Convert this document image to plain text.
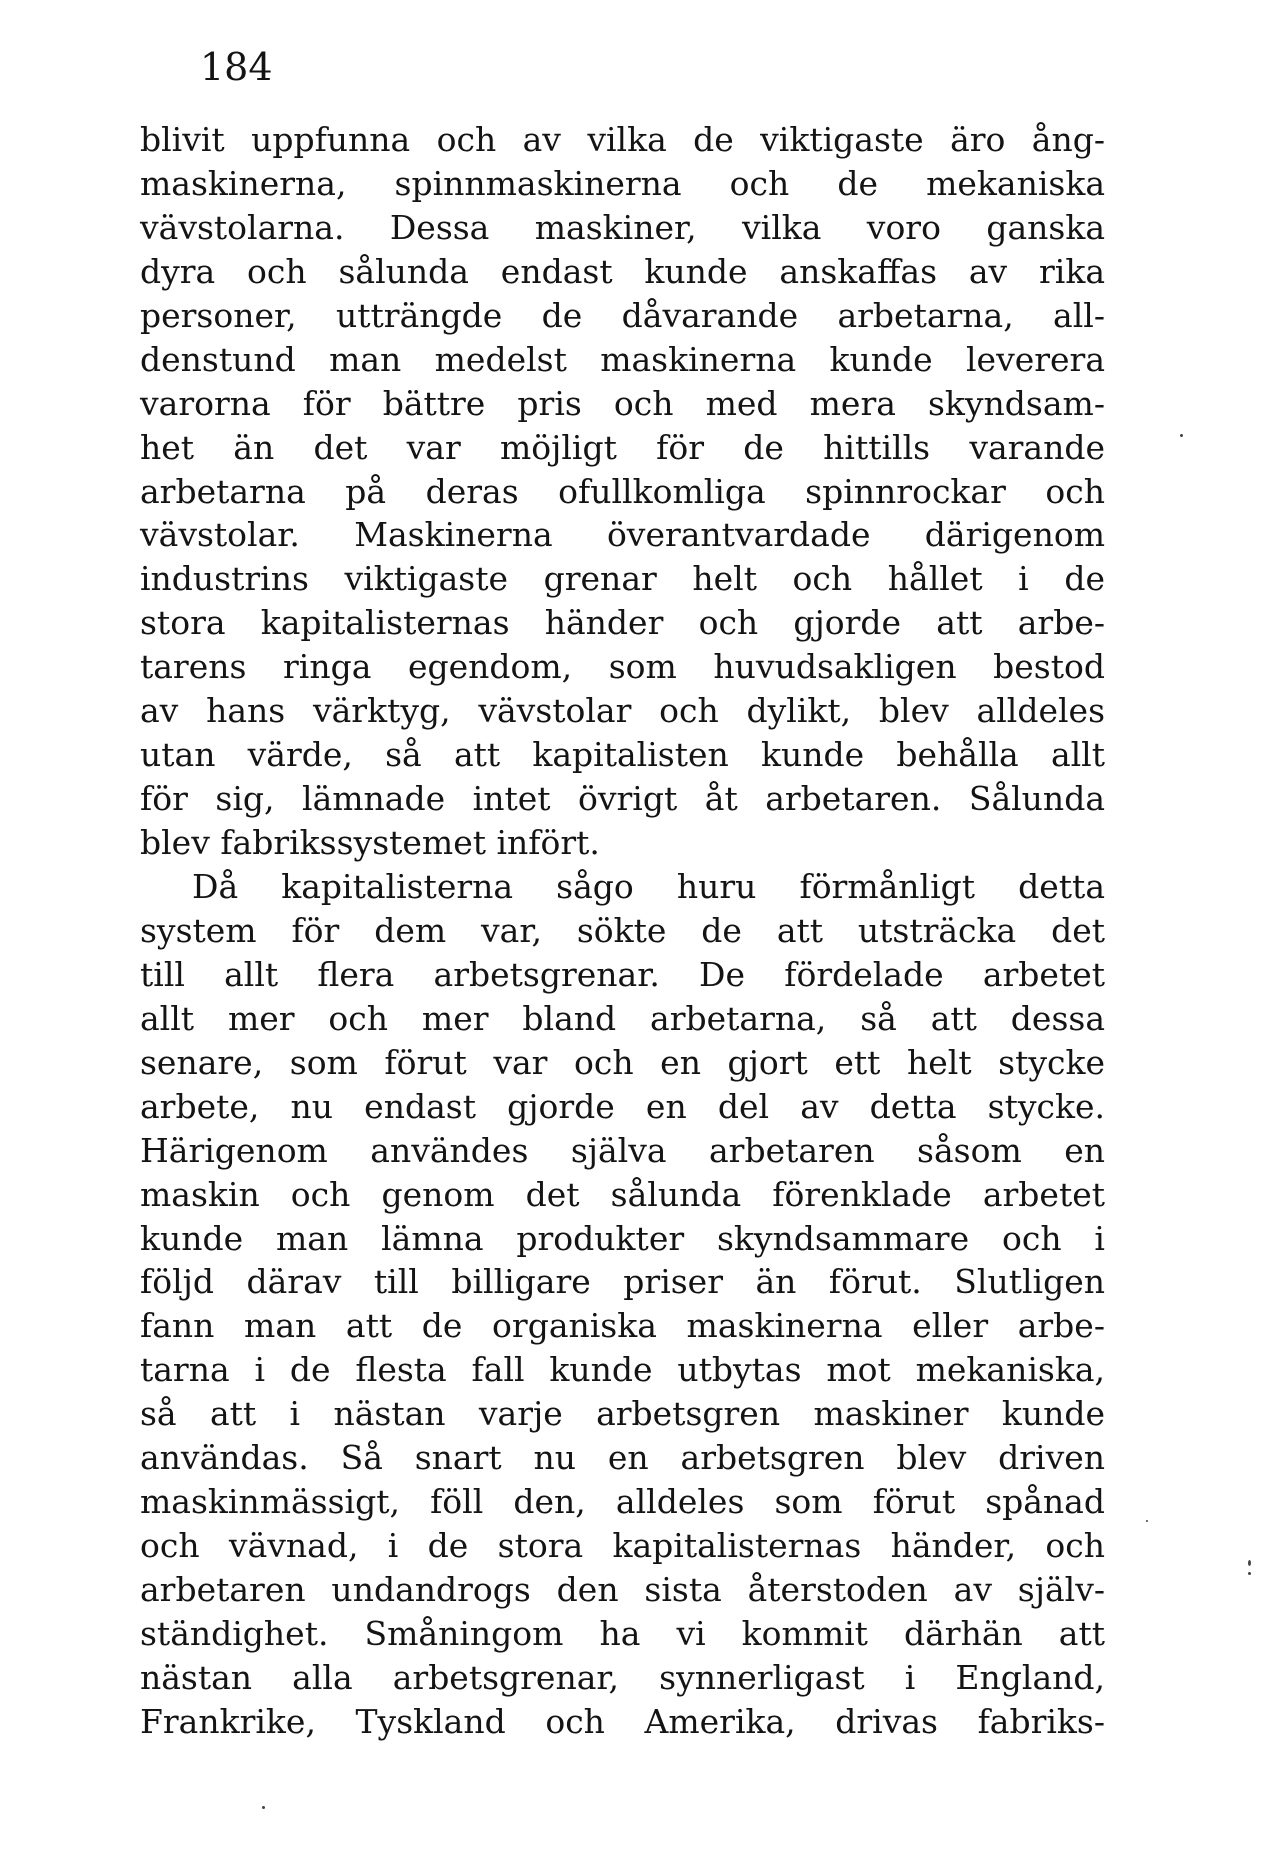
184
blivit uppfunna och av vilka de viktigaste äro ång-
maskinerna, spinnmaskinerna och de mekaniska
vävstolarna. Dessa maskiner, vilka voro ganska
dyra och sålunda endast kunde anskaffas av rika
personer, utträngde de dåvarande arbetarna, all-
denstund man medelst maskinerna kunde leverera
varorna för bättre pris och med mera skyndsam-
het än det var möjligt för de hittills varande
arbetarna på deras ofullkomliga spinnrockar och
vävstolar. Maskinerna överantvardade därigenom
industrins viktigaste grenar helt och hållet i de
stora kapitalisternas händer och gjorde att arbe-
tarens ringa egendom, som huvudsakligen bestod
av hans värktyg, vävstolar och dylikt, blev alldeles
utan värde, så att kapitalisten kunde behålla allt
för sig, lämnade intet övrigt åt arbetaren. Sålunda
blev fabrikssystemet infört.
Då kapitalisterna sågo huru förmånligt detta
system för dem var, sökte de att utsträcka det
till allt flera arbetsgrenar. De fördelade arbetet
allt mer och mer bland arbetarna, så att dessa
senare, som förut var och en gjort ett helt stycke
arbete, nu endast gjorde en del av detta stycke.
Härigenom användes själva arbetaren såsom en
maskin och genom det sålunda förenklade arbetet
kunde man lämna produkter skyndsammare och i
följd därav till billigare priser än förut. Slutligen
fann man att de organiska maskinerna eller arbe-
tarna i de flesta fall kunde utbytas mot mekaniska,
så att i nästan varje arbetsgren maskiner kunde
användas. Så snart nu en arbetsgren blev driven
maskinmässigt, föll den, alldeles som förut spånad
och vävnad, i de stora kapitalisternas händer, och
arbetaren undandrogs den sista återstoden av själv-
ständighet. Småningom ha vi kommit därhän att
nästan alla arbetsgrenar, synnerligast i England,
Frankrike, Tyskland och Amerika, drivas fabriks-
